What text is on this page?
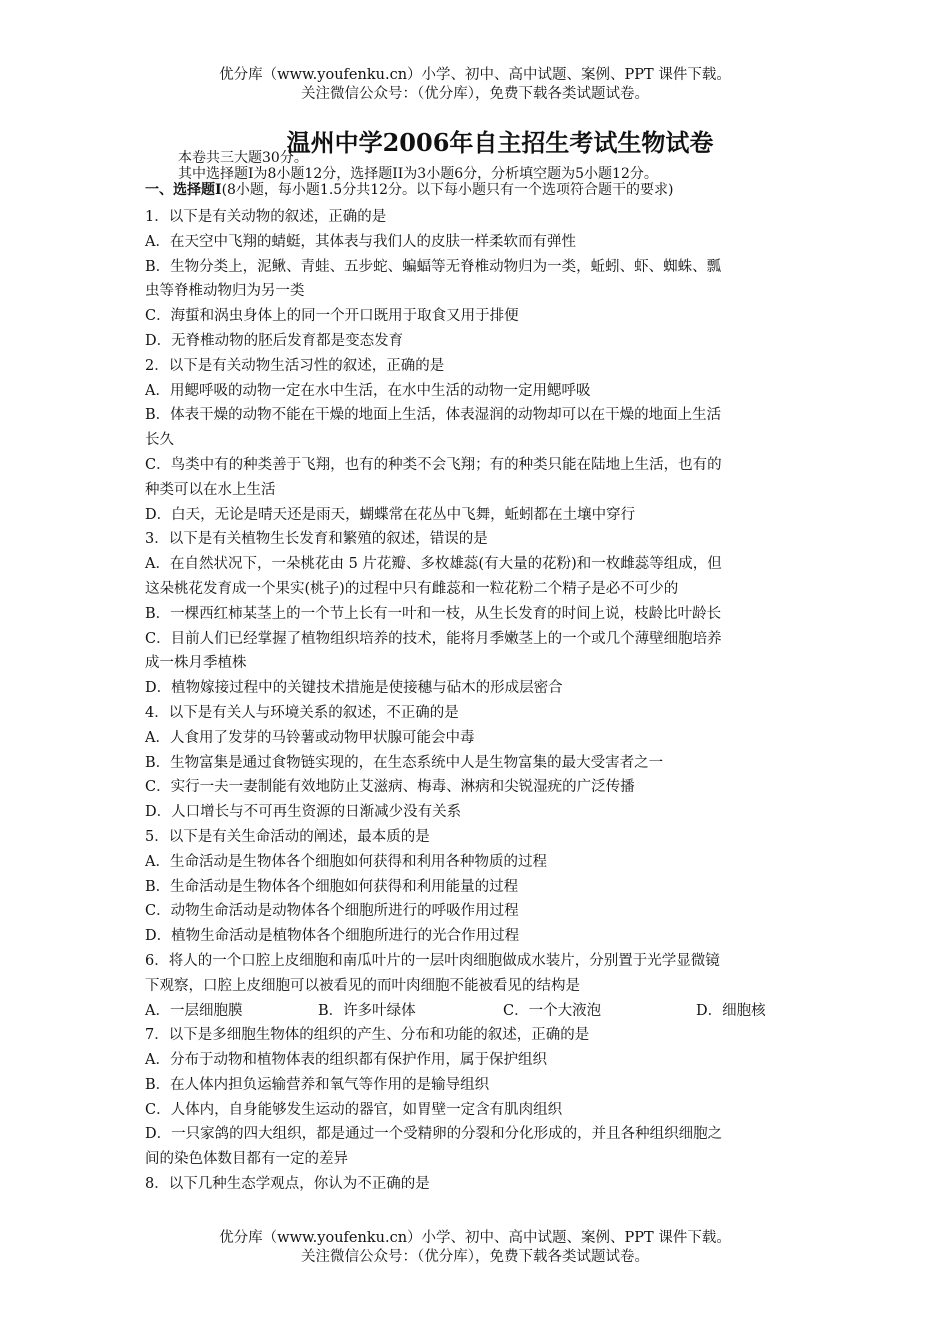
优分库（www.youfenku.cn）小学、初中、高中试题、案例、PPT 课件下载。
关注微信公众号：（优分库），免费下载各类试题试卷。
温州中学2006年自主招生考试生物试卷
本卷共三大题30分。
其中选择题I为8小题12分，选择题II为3小题6分，分析填空题为5小题12分。
一、选择题I(8小题，每小题1.5分共12分。以下每小题只有一个选项符合题干的要求)
1．以下是有关动物的叙述，正确的是
A．在天空中飞翔的蜻蜓，其体表与我们人的皮肤一样柔软而有弹性
B．生物分类上，泥鳅、青蛙、五步蛇、蝙蝠等无脊椎动物归为一类，蚯蚓、虾、蜘蛛、瓢
虫等脊椎动物归为另一类
C．海蜇和涡虫身体上的同一个开口既用于取食又用于排便
D．无脊椎动物的胚后发育都是变态发育
2．以下是有关动物生活习性的叙述，正确的是
A．用鳃呼吸的动物一定在水中生活，在水中生活的动物一定用鳃呼吸
B．体表干燥的动物不能在干燥的地面上生活，体表湿润的动物却可以在干燥的地面上生活
长久
C．鸟类中有的种类善于飞翔，也有的种类不会飞翔；有的种类只能在陆地上生活，也有的
种类可以在水上生活
D．白天，无论是晴天还是雨天，蝴蝶常在花丛中飞舞，蚯蚓都在土壤中穿行
3．以下是有关植物生长发育和繁殖的叙述，错误的是
A．在自然状况下，一朵桃花由 5 片花瓣、多枚雄蕊(有大量的花粉)和一枚雌蕊等组成，但
这朵桃花发育成一个果实(桃子)的过程中只有雌蕊和一粒花粉二个精子是必不可少的
B．一棵西红柿某茎上的一个节上长有一叶和一枝，从生长发育的时间上说，枝龄比叶龄长
C．目前人们已经掌握了植物组织培养的技术，能将月季嫩茎上的一个或几个薄壁细胞培养
成一株月季植株
D．植物嫁接过程中的关键技术措施是使接穗与砧木的形成层密合
4．以下是有关人与环境关系的叙述，不正确的是
A．人食用了发芽的马铃薯或动物甲状腺可能会中毒
B．生物富集是通过食物链实现的，在生态系统中人是生物富集的最大受害者之一
C．实行一夫一妻制能有效地防止艾滋病、梅毒、淋病和尖锐湿疣的广泛传播
D．人口增长与不可再生资源的日渐减少没有关系
5．以下是有关生命活动的阐述，最本质的是
A．生命活动是生物体各个细胞如何获得和利用各种物质的过程
B．生命活动是生物体各个细胞如何获得和利用能量的过程
C．动物生命活动是动物体各个细胞所进行的呼吸作用过程
D．植物生命活动是植物体各个细胞所进行的光合作用过程
6．将人的一个口腔上皮细胞和南瓜叶片的一层叶肉细胞做成水装片，分别置于光学显微镜
下观察，口腔上皮细胞可以被看见的而叶肉细胞不能被看见的结构是
A．一层细胞膜	B．许多叶绿体	C．一个大液泡	D．细胞核
7．以下是多细胞生物体的组织的产生、分布和功能的叙述，正确的是
A．分布于动物和植物体表的组织都有保护作用，属于保护组织
B．在人体内担负运输营养和氧气等作用的是输导组织
C．人体内，自身能够发生运动的器官，如胃壁一定含有肌肉组织
D．一只家鸽的四大组织，都是通过一个受精卵的分裂和分化形成的，并且各种组织细胞之
间的染色体数目都有一定的差异
8．以下几种生态学观点，你认为不正确的是
优分库（www.youfenku.cn）小学、初中、高中试题、案例、PPT 课件下载。
关注微信公众号：（优分库），免费下载各类试题试卷。
